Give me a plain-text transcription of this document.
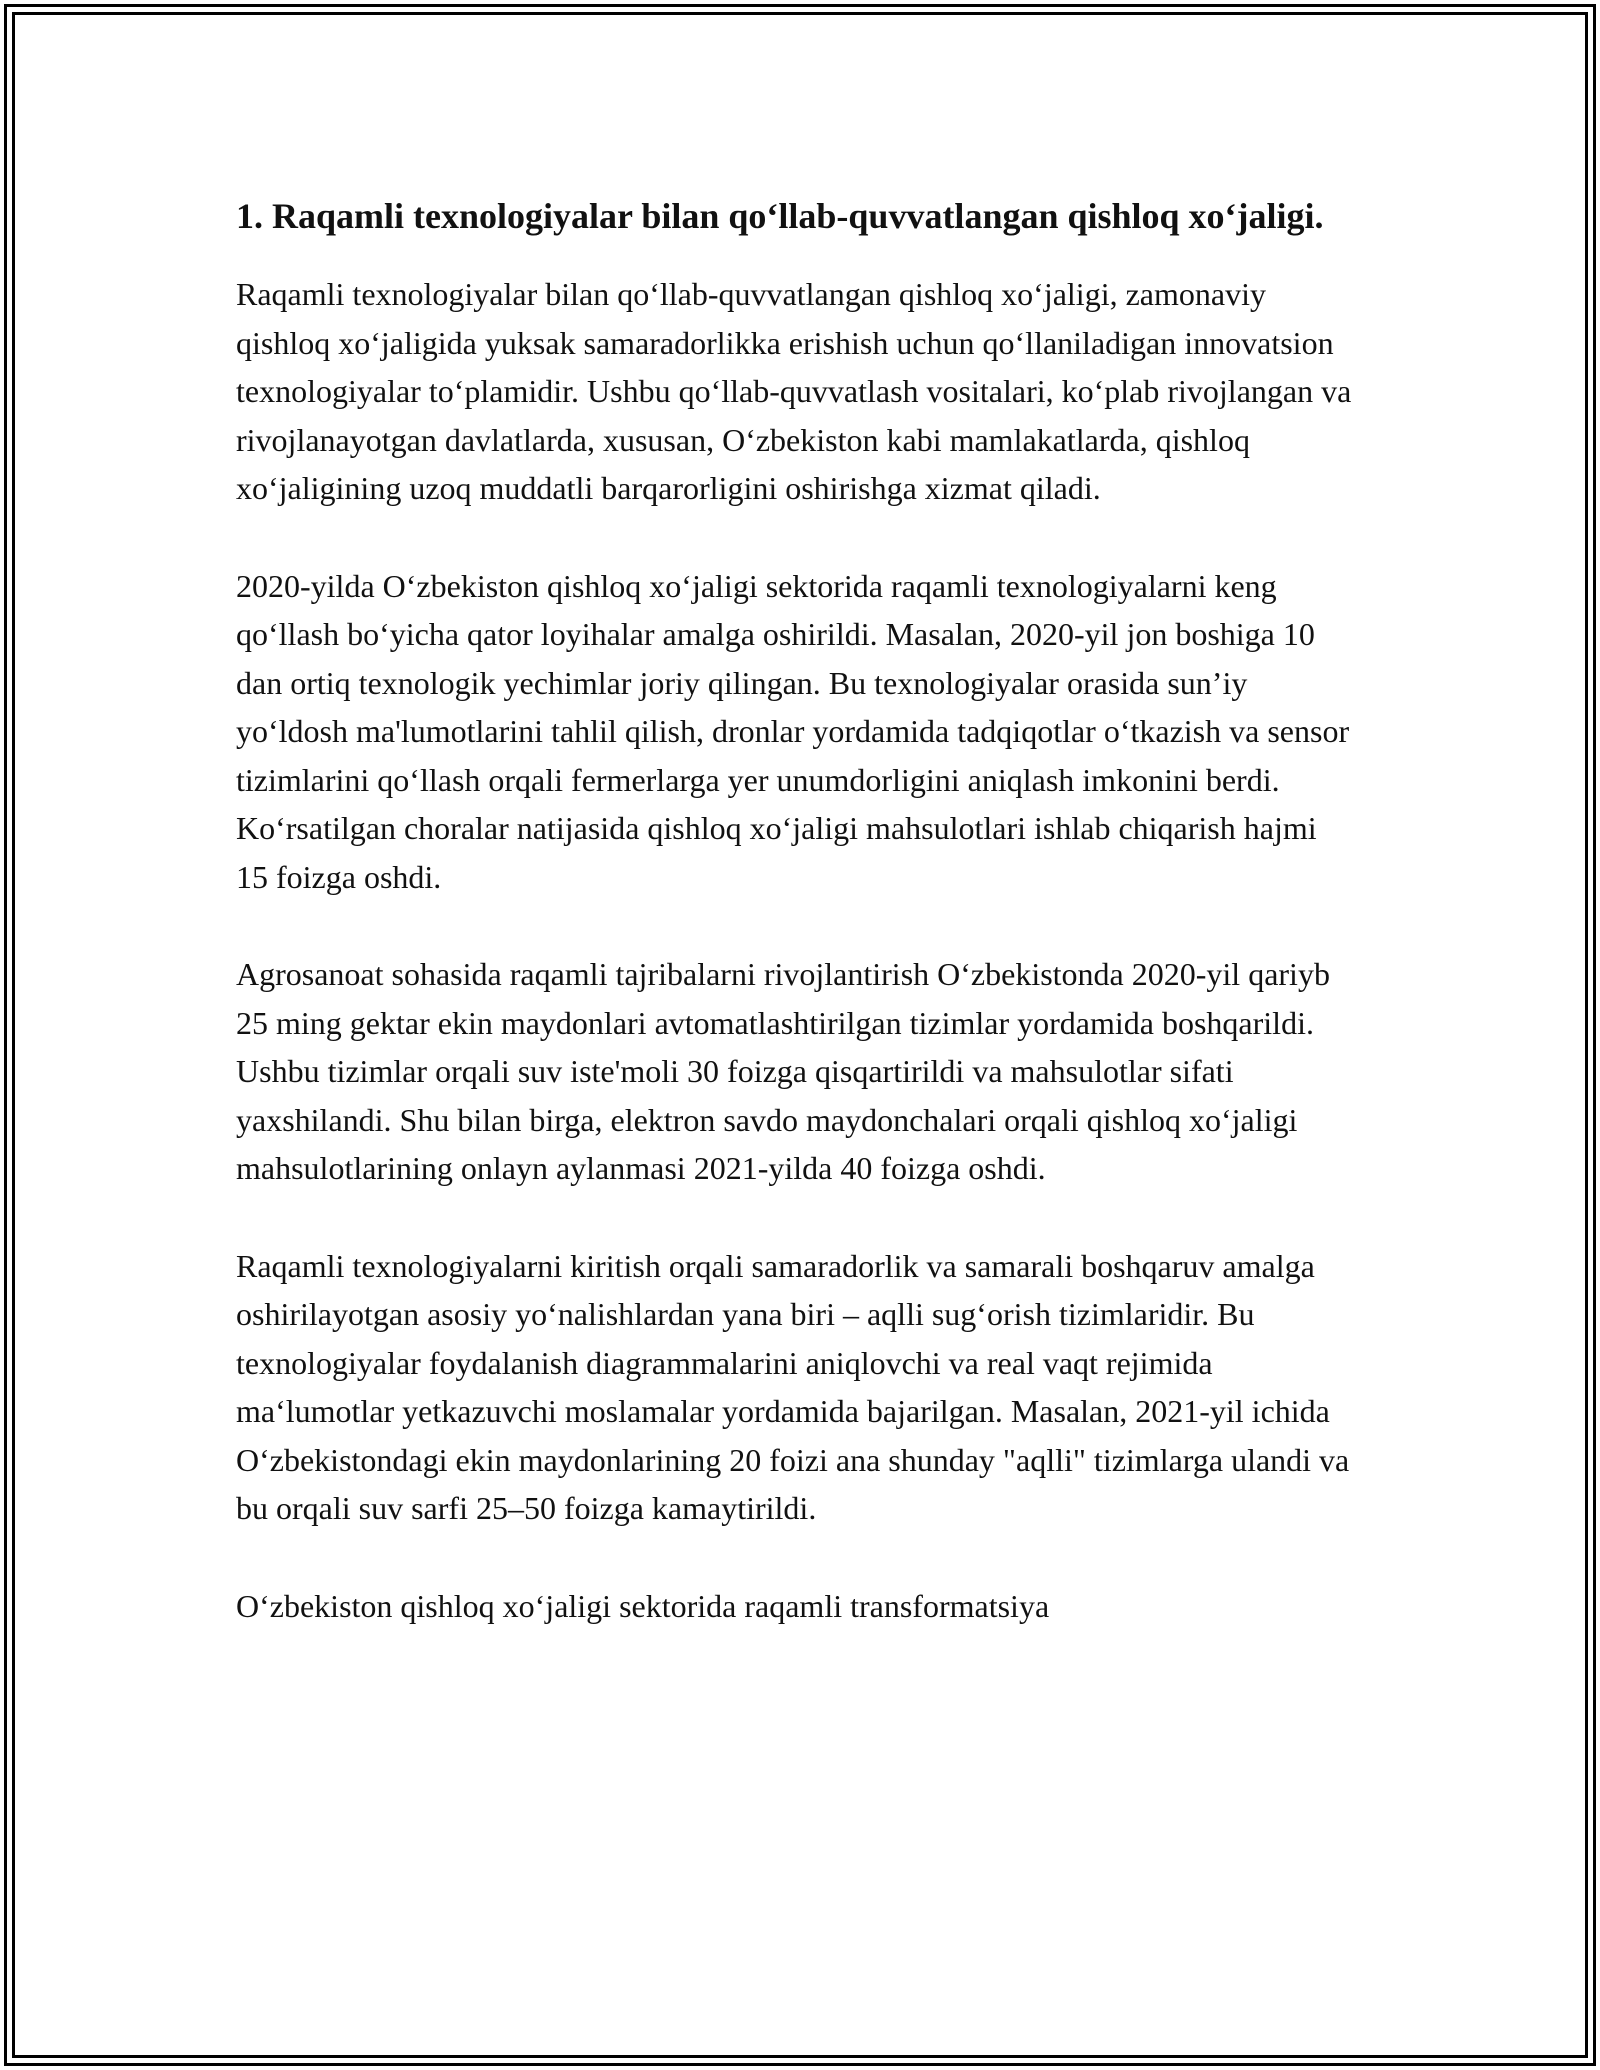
1. Raqamli texnologiyalar bilan qo‘llab-quvvatlangan qishloq xo‘jaligi.

Raqamli texnologiyalar bilan qo‘llab-quvvatlangan qishloq xo‘jaligi, zamonaviy qishloq xo‘jaligida yuksak samaradorlikka erishish uchun qo‘llaniladigan innovatsion texnologiyalar to‘plamidir. Ushbu qo‘llab-quvvatlash vositalari, ko‘plab rivojlangan va rivojlanayotgan davlatlarda, xususan, O‘zbekiston kabi mamlakatlarda, qishloq xo‘jaligining uzoq muddatli barqarorligini oshirishga xizmat qiladi.

2020-yilda O‘zbekiston qishloq xo‘jaligi sektorida raqamli texnologiyalarni keng qo‘llash bo‘yicha qator loyihalar amalga oshirildi. Masalan, 2020-yil jon boshiga 10 dan ortiq texnologik yechimlar joriy qilingan. Bu texnologiyalar orasida sun’iy yo‘ldosh ma'lumotlarini tahlil qilish, dronlar yordamida tadqiqotlar o‘tkazish va sensor tizimlarini qo‘llash orqali fermerlarga yer unumdorligini aniqlash imkonini berdi. Ko‘rsatilgan choralar natijasida qishloq xo‘jaligi mahsulotlari ishlab chiqarish hajmi 15 foizga oshdi.

Agrosanoat sohasida raqamli tajribalarni rivojlantirish O‘zbekistonda 2020-yil qariyb 25 ming gektar ekin maydonlari avtomatlashtirilgan tizimlar yordamida boshqarildi. Ushbu tizimlar orqali suv iste'moli 30 foizga qisqartirildi va mahsulotlar sifati yaxshilandi. Shu bilan birga, elektron savdo maydonchalari orqali qishloq xo‘jaligi mahsulotlarining onlayn aylanmasi 2021-yilda 40 foizga oshdi.

Raqamli texnologiyalarni kiritish orqali samaradorlik va samarali boshqaruv amalga oshirilayotgan asosiy yo‘nalishlardan yana biri – aqlli sug‘orish tizimlaridir. Bu texnologiyalar foydalanish diagrammalarini aniqlovchi va real vaqt rejimida ma‘lumotlar yetkazuvchi moslamalar yordamida bajarilgan. Masalan, 2021-yil ichida O‘zbekistondagi ekin maydonlarining 20 foizi ana shunday "aqlli" tizimlarga ulandi va bu orqali suv sarfi 25–50 foizga kamaytirildi.

O‘zbekiston qishloq xo‘jaligi sektorida raqamli transformatsiya
